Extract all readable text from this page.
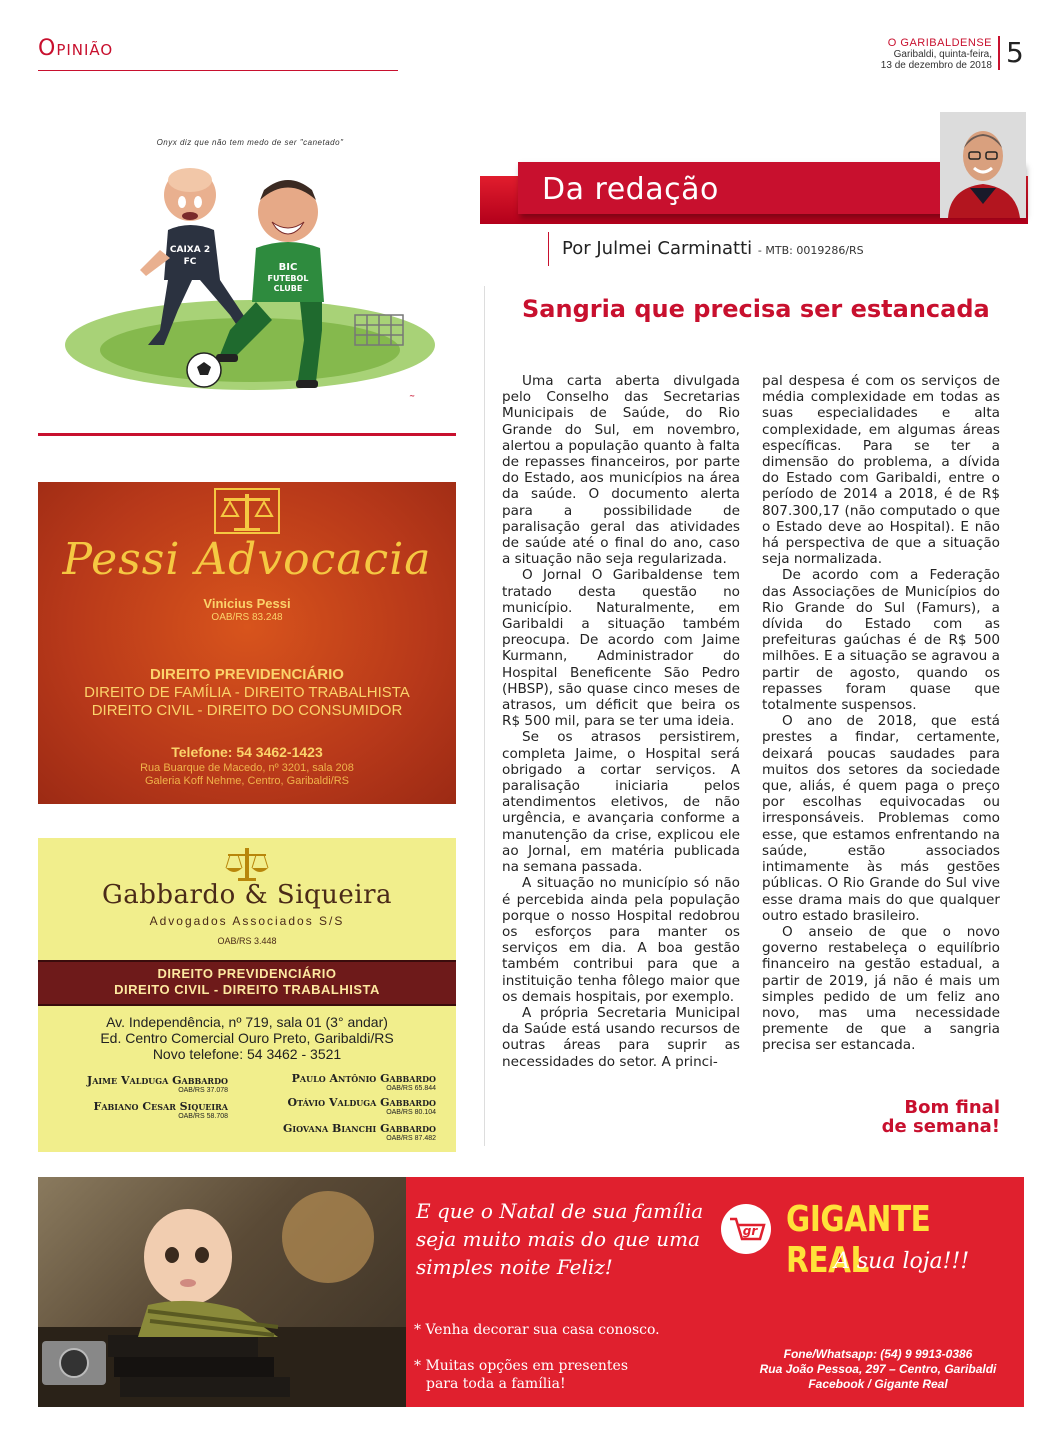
Opinião	O GARIBALDENSE
Garibaldi, quinta-feira,
13 de dezembro de 2018 5
Onyx diz que não tem medo de ser "canetado"
CAIXA 2
FC	BIC
FUTEBOL
CLUBE
~
Da redação
Por Julmei Carminatti - MTB: 0019286/RS
Sangria que precisa ser estancada

Uma carta aberta divulgada pelo Conselho das Secretarias Municipais de Saúde, do Rio Grande do Sul, em novembro, alertou a população quanto à falta de repasses financeiros, por parte do Estado, aos municípios na área da saúde. O documento alerta para a possibilidade de paralisação geral das atividades de saúde até o final do ano, caso a situação não seja regularizada.

O Jornal O Garibaldense tem tratado desta questão no município. Naturalmente, em Garibaldi a situação também preocupa. De acordo com Jaime Kurmann, Administrador do Hospital Beneficente São Pedro (HBSP), são quase cinco meses de atrasos, um déficit que beira os R$ 500 mil, para se ter uma ideia.

Se os atrasos persistirem, completa Jaime, o Hospital será obrigado a cortar serviços. A paralisação iniciaria pelos atendimentos eletivos, de não urgência, e avançaria conforme a manutenção da crise, explicou ele ao Jornal, em matéria publicada na semana passada.

A situação no município só não é percebida ainda pela população porque o nosso Hospital redobrou os esforços para manter os serviços em dia. A boa gestão também contribui para que a instituição tenha fôlego maior que os demais hospitais, por exemplo.

A própria Secretaria Municipal da Saúde está usando recursos de outras áreas para suprir as necessidades do setor. A princi-

pal despesa é com os serviços de média complexidade em todas as suas especialidades e alta complexidade, em algumas áreas específicas. Para se ter a dimensão do problema, a dívida do Estado com Garibaldi, entre o período de 2014 a 2018, é de R$ 807.300,17 (não computado o que o Estado deve ao Hospital). E não há perspectiva de que a situação seja normalizada.

De acordo com a Federação das Associações de Municípios do Rio Grande do Sul (Famurs), a dívida do Estado com as prefeituras gaúchas é de R$ 500 milhões. E a situação se agravou a partir de agosto, quando os repasses foram quase que totalmente suspensos.

O ano de 2018, que está prestes a findar, certamente, deixará poucas saudades para muitos dos setores da sociedade que, aliás, é quem paga o preço por escolhas equivocadas ou irresponsáveis. Problemas como esse, que estamos enfrentando na saúde, estão associados intimamente às más gestões públicas. O Rio Grande do Sul vive esse drama mais do que qualquer outro estado brasileiro.

O anseio de que o novo governo restabeleça o equilíbrio financeiro na gestão estadual, a partir de 2019, já não é mais um simples pedido de um feliz ano novo, mas uma necessidade premente de que a sangria precisa ser estancada.

Bom final
de semana!
Pessi Advocacia
Vinicius Pessi
OAB/RS 83.248
DIREITO PREVIDENCIÁRIO
DIREITO DE FAMÍLIA - DIREITO TRABALHISTA
DIREITO CIVIL - DIREITO DO CONSUMIDOR
Telefone: 54 3462-1423
Rua Buarque de Macedo, nº 3201, sala 208
Galeria Koff Nehme, Centro, Garibaldi/RS
Gabbardo & Siqueira
Advogados Associados S/S
OAB/RS 3.448
DIREITO PREVIDENCIÁRIO
DIREITO CIVIL - DIREITO TRABALHISTA
Av. Independência, nº 719, sala 01 (3° andar)
Ed. Centro Comercial Ouro Preto, Garibaldi/RS
Novo telefone: 54 3462 - 3521
Jaime Valduga Gabbardo
OAB/RS 37.078
Paulo Antônio Gabbardo
OAB/RS 65.844
Fabiano Cesar Siqueira
OAB/RS 58.708
Otávio Valduga Gabbardo
OAB/RS 80.104
Giovana Bianchi Gabbardo
OAB/RS 87.482
E que o Natal de sua família seja muito mais do que uma simples noite Feliz!
* Venha decorar sua casa conosco.
* Muitas opções em presentes
para toda a família!
gr GIGANTE REAL
A sua loja!!!
Fone/Whatsapp: (54) 9 9913-0386
Rua João Pessoa, 297 – Centro, Garibaldi
Facebook / Gigante Real
